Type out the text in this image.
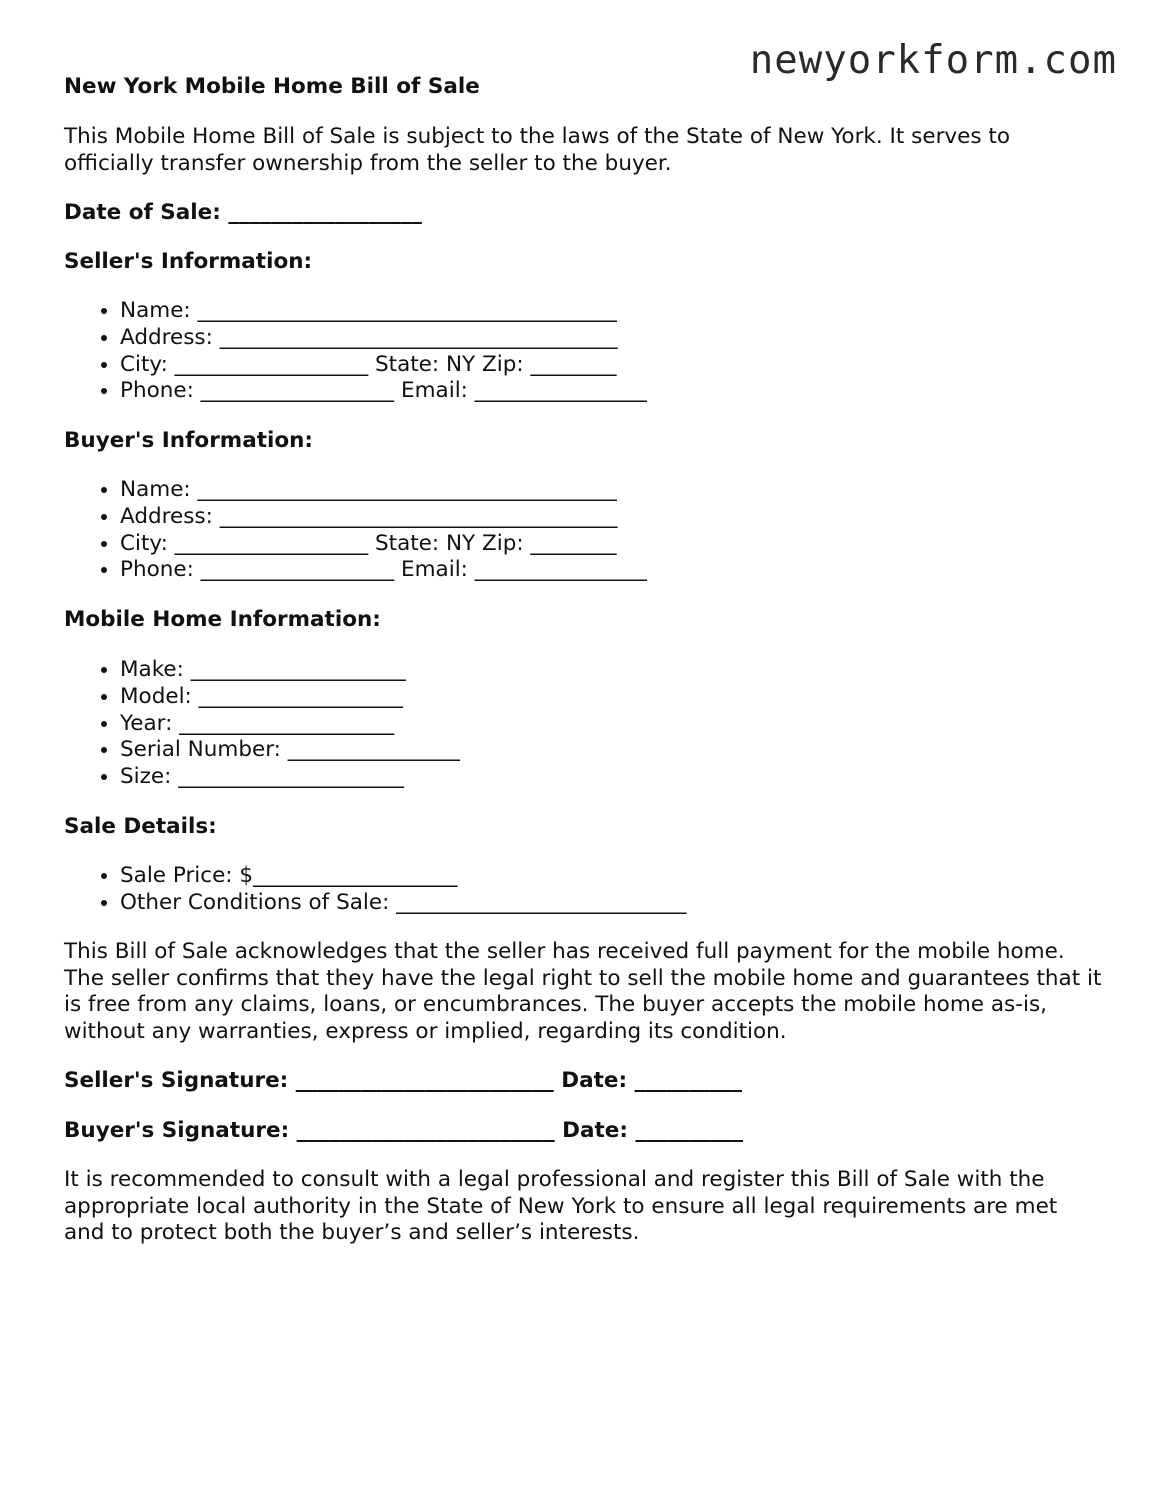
newyorkform.com
New York Mobile Home Bill of Sale

This Mobile Home Bill of Sale is subject to the laws of the State of New York. It serves to officially transfer ownership from the seller to the buyer.

Date of Sale: __________________

Seller's Information:
• Name: _______________________________________
• Address: _____________________________________
• City: __________________ State: NY Zip: ________
• Phone: __________________ Email: ________________
Buyer's Information:
• Name: _______________________________________
• Address: _____________________________________
• City: __________________ State: NY Zip: ________
• Phone: __________________ Email: ________________
Mobile Home Information:
• Make: ____________________
• Model: ___________________
• Year: ____________________
• Serial Number: ________________
• Size: _____________________
Sale Details:
• Sale Price: $___________________
• Other Conditions of Sale: ___________________________

This Bill of Sale acknowledges that the seller has received full payment for the mobile home. The seller confirms that they have the legal right to sell the mobile home and guarantees that it is free from any claims, loans, or encumbrances. The buyer accepts the mobile home as-is, without any warranties, express or implied, regarding its condition.

Seller's Signature: ________________________ Date: __________

Buyer's Signature: ________________________ Date: __________

It is recommended to consult with a legal professional and register this Bill of Sale with the appropriate local authority in the State of New York to ensure all legal requirements are met and to protect both the buyer’s and seller’s interests.
